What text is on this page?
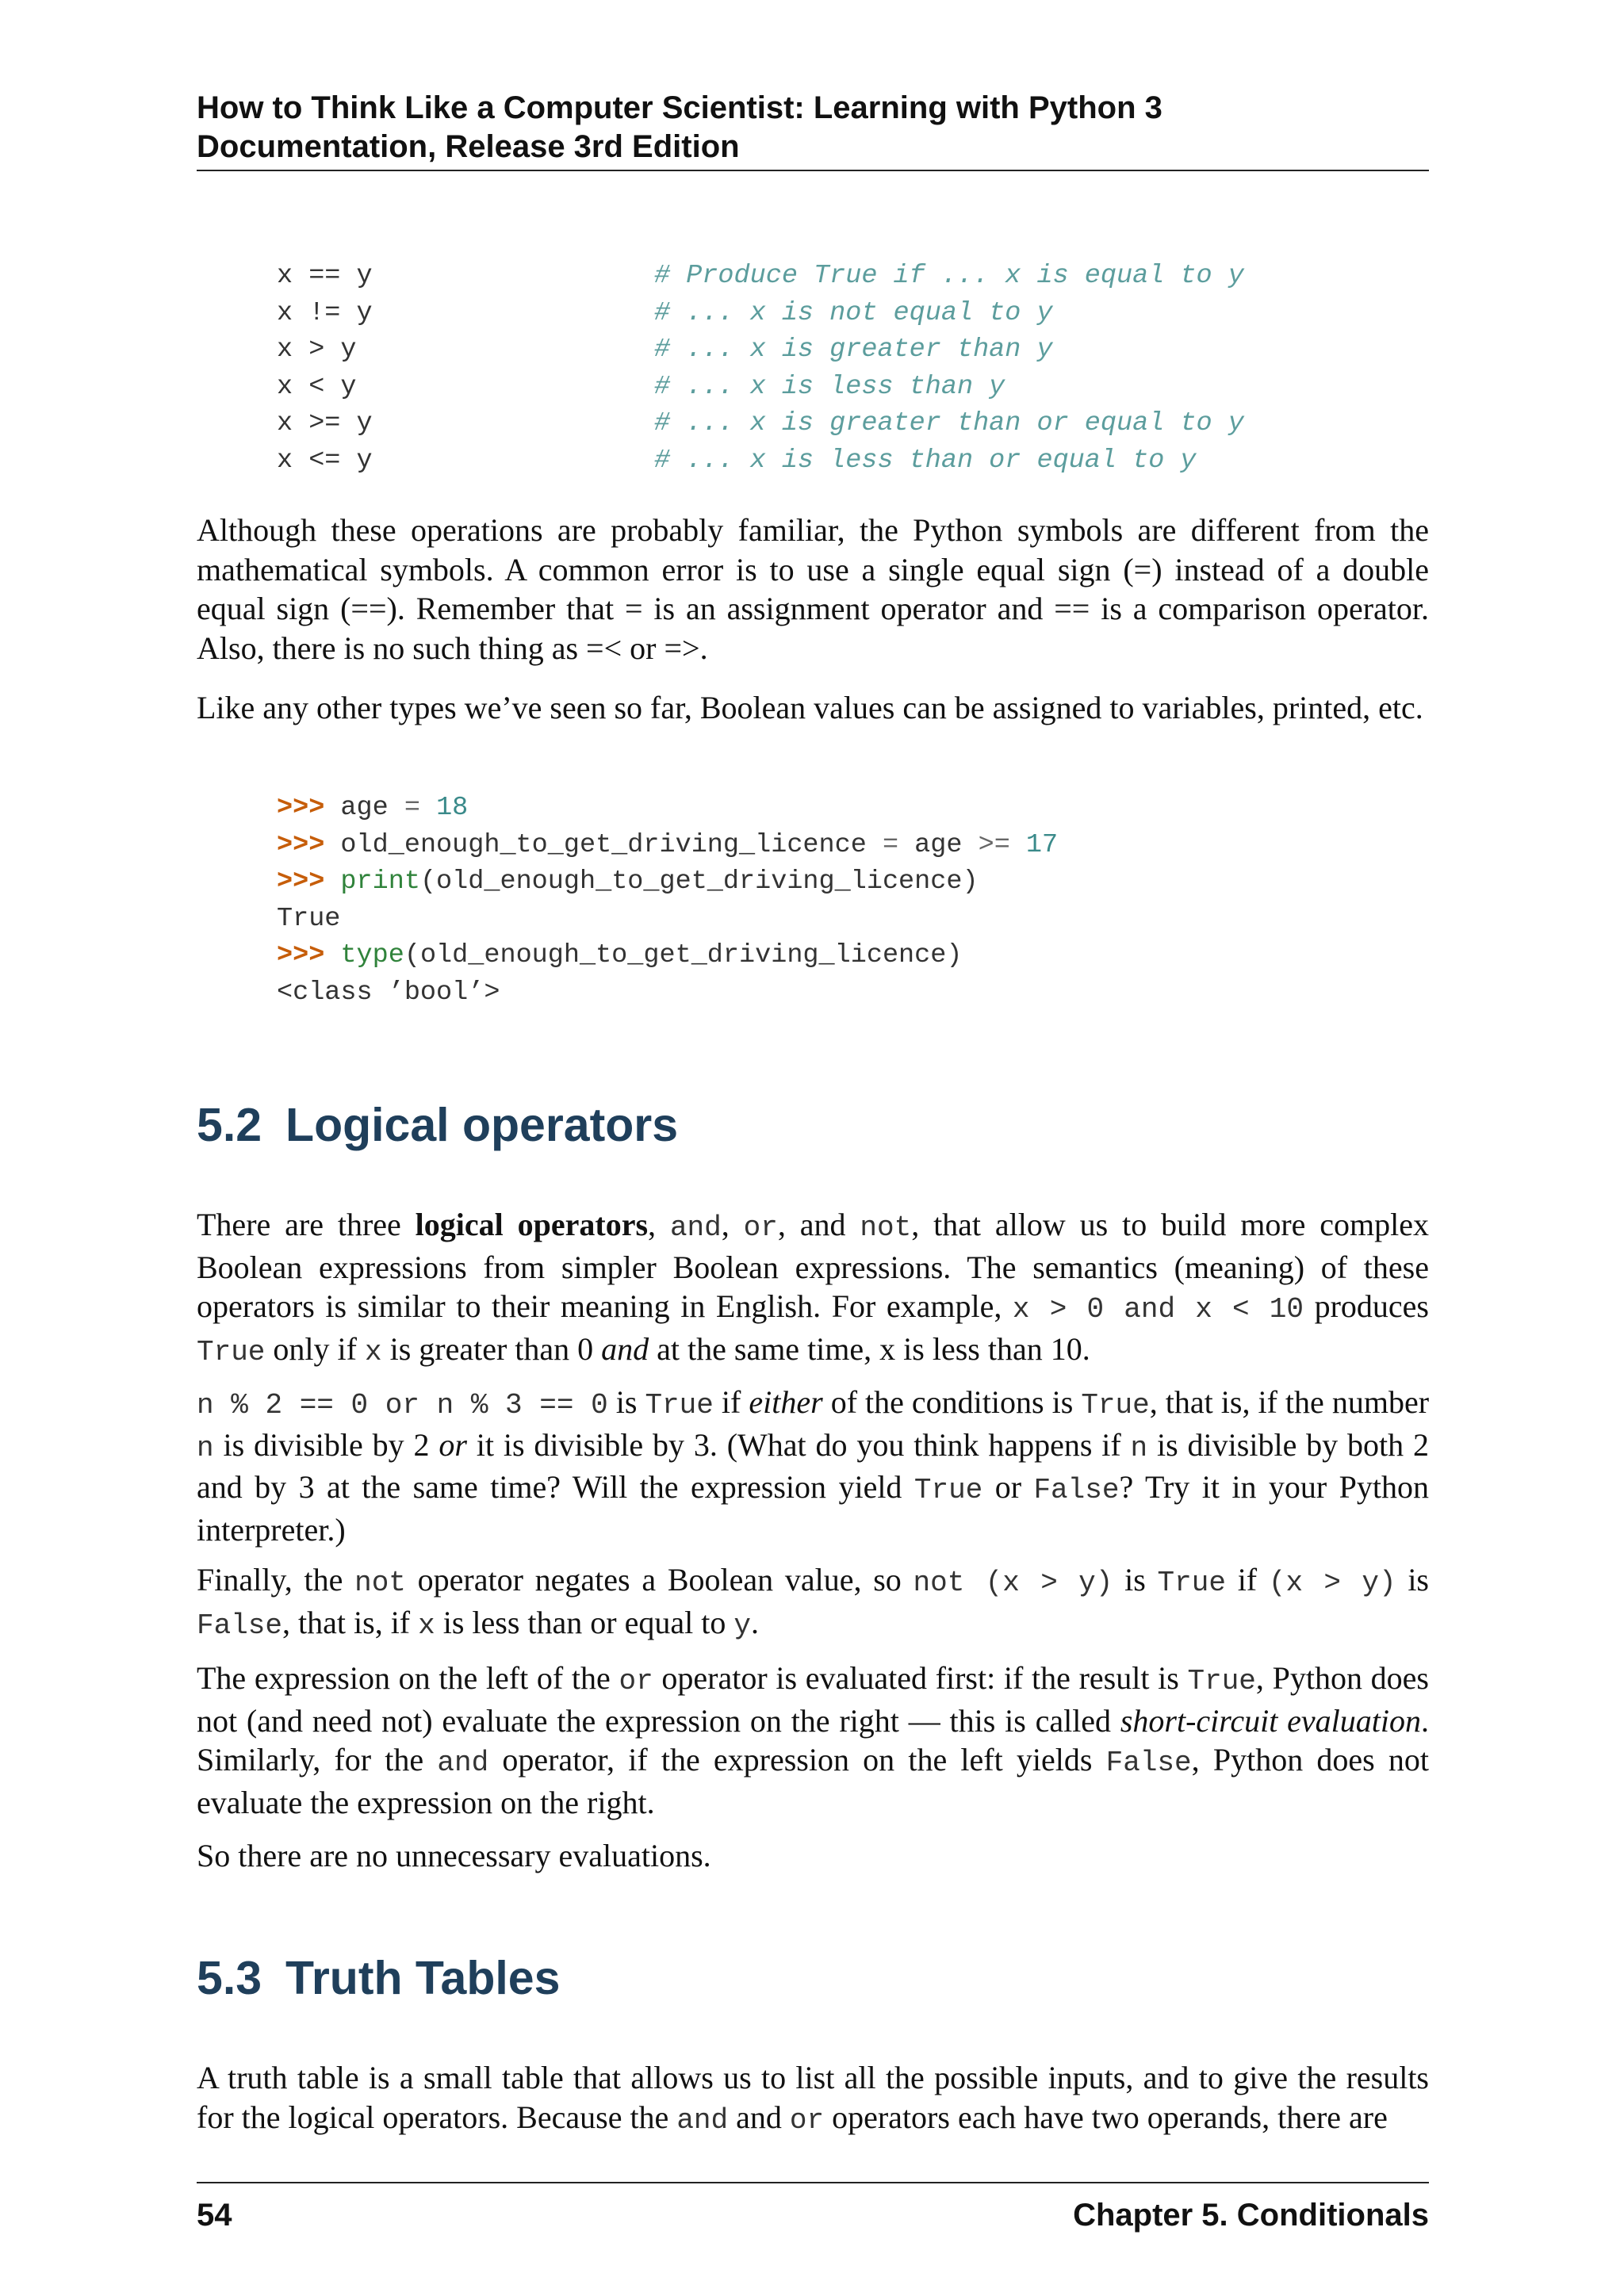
How to Think Like a Computer Scientist: Learning with Python 3
Documentation, Release 3rd Edition
x == y	# Produce True if ... x is equal to y
x != y	# ... x is not equal to y
x > y	# ... x is greater than y
x < y	# ... x is less than y
x >= y	# ... x is greater than or equal to y
x <= y	# ... x is less than or equal to y

Although these operations are probably familiar, the Python symbols are different from the mathematical symbols. A common error is to use a single equal sign (=) instead of a double equal sign (==). Remember that = is an assignment operator and == is a comparison operator. Also, there is no such thing as =< or =>.

Like any other types we’ve seen so far, Boolean values can be assigned to variables, printed, etc.

>>> age = 18
>>> old_enough_to_get_driving_licence = age >= 17
>>> print(old_enough_to_get_driving_licence)
True
>>> type(old_enough_to_get_driving_licence)
<class ’bool’>
5.2 Logical operators

There are three logical operators, and, or, and not, that allow us to build more complex Boolean expressions from simpler Boolean expressions. The semantics (meaning) of these operators is similar to their meaning in English. For example, x > 0 and x < 10 produces True only if x is greater than 0 and at the same time, x is less than 10.

n % 2 == 0 or n % 3 == 0 is True if either of the conditions is True, that is, if the number n is divisible by 2 or it is divisible by 3. (What do you think happens if n is divisible by both 2 and by 3 at the same time? Will the expression yield True or False? Try it in your Python interpreter.)

Finally, the not operator negates a Boolean value, so not (x > y) is True if (x > y) is False, that is, if x is less than or equal to y.

The expression on the left of the or operator is evaluated first: if the result is True, Python does not (and need not) evaluate the expression on the right — this is called short-circuit evaluation. Similarly, for the and operator, if the expression on the left yields False, Python does not evaluate the expression on the right.

So there are no unnecessary evaluations.

5.3 Truth Tables

A truth table is a small table that allows us to list all the possible inputs, and to give the results for the logical operators. Because the and and or operators each have two operands, there are

54	Chapter 5. Conditionals
